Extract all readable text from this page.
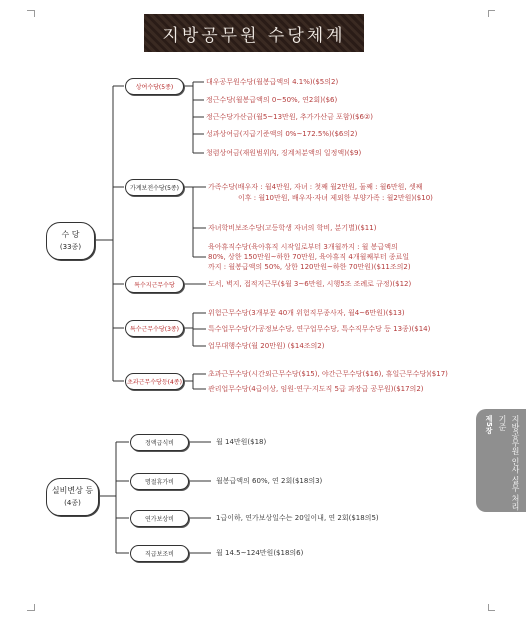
지방공무원 수당체계
수 당
(33종)
상여수당(5종)
가계보전수당(5종)
특수지근무수당
특수근무수당(3종)
초과근무수당등(4종)
대우공무원수당(월봉급액의 4.1%)($5의2)
정근수당(월봉급액의 0~50%, 연2회)($6)
정근수당가산금(월5~13만원, 추가가산금 포함)($6②)
성과상여금(지급기준액의 0%~172.5%)($6의2)
청렴상여금(재원범위內, 징계처분액의 일정액)($9)
가족수당(배우자 : 월4만원, 자녀 : 첫째 월2만원, 둘째 : 월6만원, 셋째
이후 : 월10만원, 배우자·자녀 제외한 부양가족 : 월2만원)($10)
자녀학비보조수당(고등학생 자녀의 학비, 분기별)($11)
육아휴직수당(육아휴직 시작일로부터 3개월까지 : 월 봉급액의
80%, 상한 150만원~하한 70만원, 육아휴직 4개월째부터 종료일
까지 : 월봉급액의 50%, 상한 120만원~하한 70만원)($11조의2)
도서, 벽지, 접적지근무($월 3~6만원, 시행5조 조례로 규정)($12)
위험근무수당(3개부문 40개 위험직무종사자, 월4~6만원)($13)
특수업무수당(가공정보수당, 연구업무수당, 특수직무수당 등 13종)($14)
업무대행수당(월 20만원) ($14조의2)
초과근무수당(시간외근무수당($15), 야간근무수당($16), 휴일근무수당)($17)
관리업무수당(4급이상, 임원·연구·지도직 5급 과장급 공무원)($17의2)
실비변상 등
(4종)
정액급식비
명절휴가비
연가보상비
직급보조비
월 14만원($18)
월봉급액의 60%, 연 2회($18의3)
1급이하, 연가보상일수는 20일이내, 연 2회($18의5)
월 14.5~124만원($18의6)
제5장	지방공무원 인사 실무 처리 기준
